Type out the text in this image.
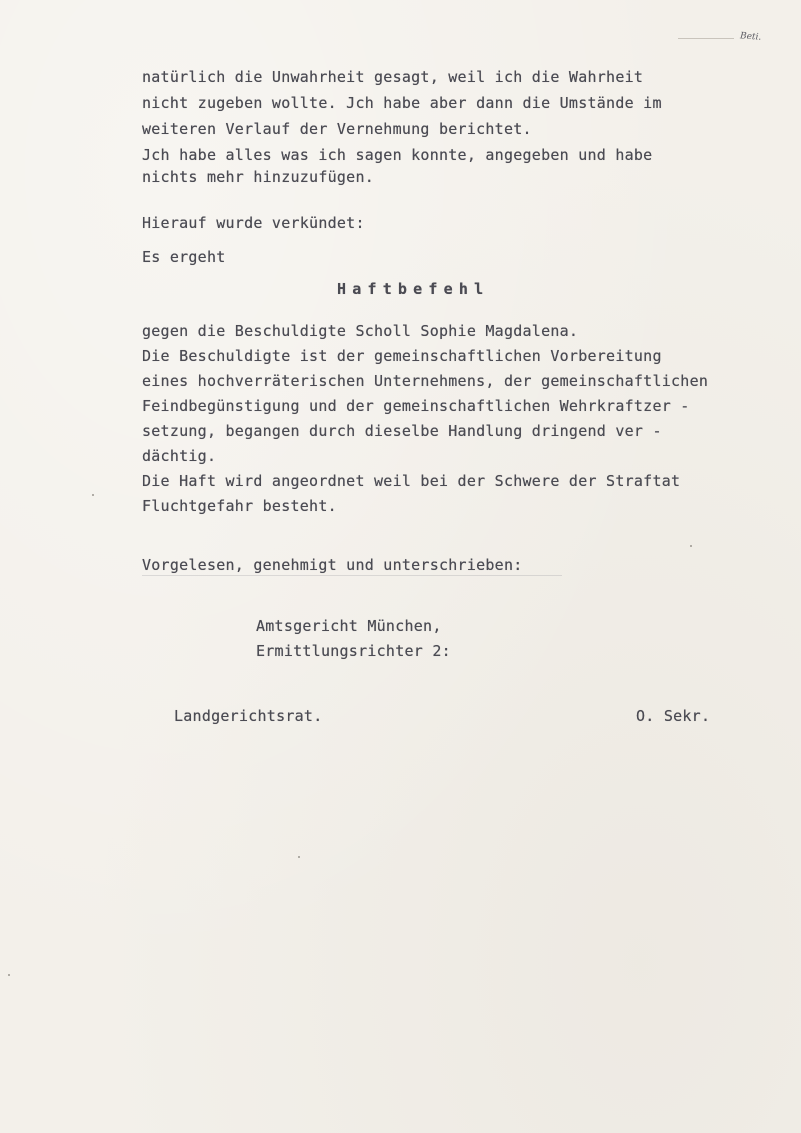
Beti.
natürlich die Unwahrheit gesagt, weil ich die Wahrheit
nicht zugeben wollte. Jch habe aber dann die Umstände im
weiteren Verlauf der Vernehmung berichtet.
Jch habe alles was ich sagen konnte, angegeben und habe
nichts mehr hinzuzufügen.
Hierauf wurde verkündet:
Es ergeht
Haftbefehl
gegen die Beschuldigte Scholl Sophie Magdalena.
Die Beschuldigte ist der gemeinschaftlichen Vorbereitung
eines hochverräterischen Unternehmens, der gemeinschaftlichen
Feindbegünstigung und der gemeinschaftlichen Wehrkraftzer -
setzung, begangen durch dieselbe Handlung dringend ver -
dächtig.
Die Haft wird angeordnet weil bei der Schwere der Straftat
Fluchtgefahr besteht.
Vorgelesen, genehmigt und unterschrieben:
Amtsgericht München,
Ermittlungsrichter 2:
Landgerichtsrat.	O. Sekr.
